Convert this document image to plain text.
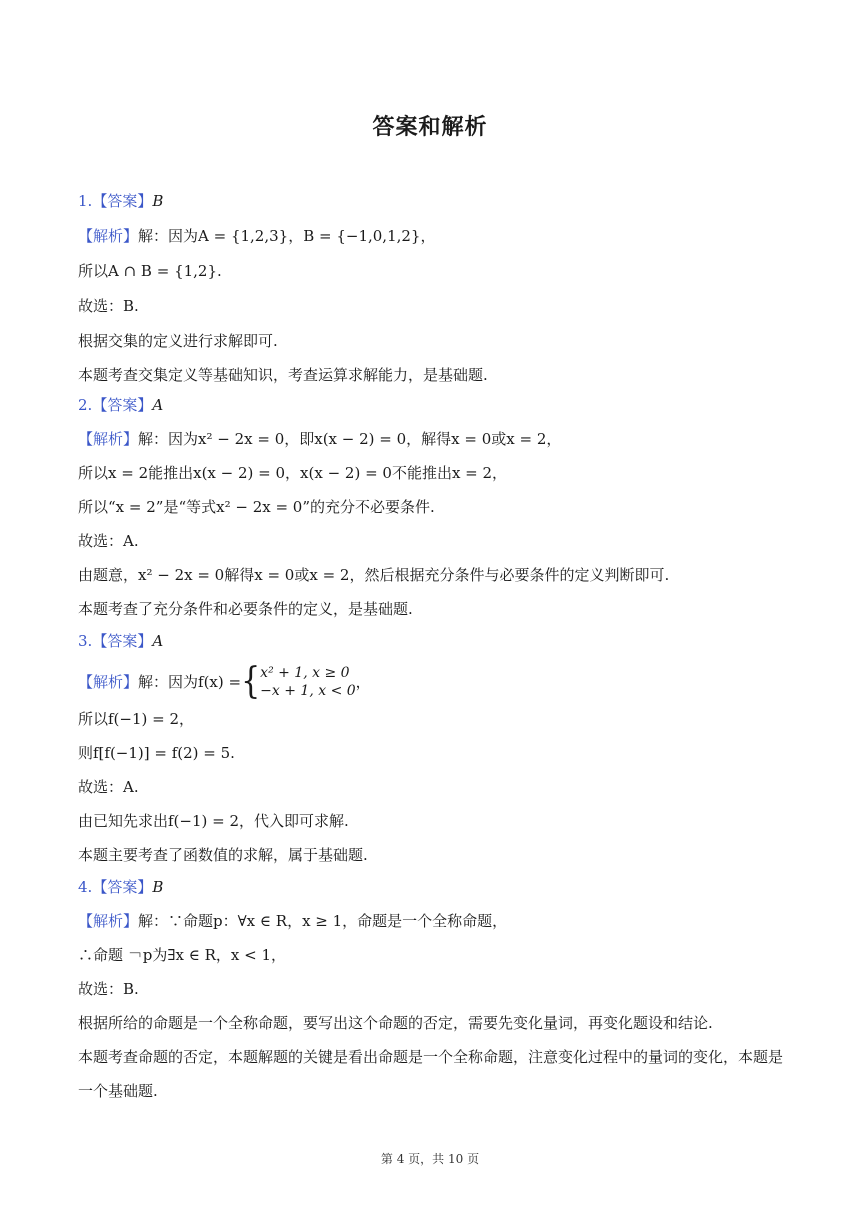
答案和解析
1.【答案】B
【解析】解：因为A = {1,2,3}，B = {−1,0,1,2}，
所以A ∩ B = {1,2}.
故选：B.
根据交集的定义进行求解即可.
本题考查交集定义等基础知识，考查运算求解能力，是基础题.
2.【答案】A
【解析】解：因为x² − 2x = 0，即x(x − 2) = 0，解得x = 0或x = 2，
所以x = 2能推出x(x − 2) = 0，x(x − 2) = 0不能推出x = 2，
所以“x = 2”是“等式x² − 2x = 0”的充分不必要条件.
故选：A.
由题意，x² − 2x = 0解得x = 0或x = 2，然后根据充分条件与必要条件的定义判断即可.
本题考查了充分条件和必要条件的定义，是基础题.
3.【答案】A
【解析】 解：因为f(x) = { x² + 1, x ≥ 0
−x + 1, x < 0 ，
所以f(−1) = 2，
则f[f(−1)] = f(2) = 5.
故选：A.
由已知先求出f(−1) = 2，代入即可求解.
本题主要考查了函数值的求解，属于基础题.
4.【答案】B
【解析】解：∵命题p：∀x ∈ R，x ≥ 1，命题是一个全称命题，
∴命题 ￢p为∃x ∈ R，x < 1，
故选：B.
根据所给的命题是一个全称命题，要写出这个命题的否定，需要先变化量词，再变化题设和结论.
本题考查命题的否定，本题解题的关键是看出命题是一个全称命题，注意变化过程中的量词的变化，本题是一个基础题.
第 4 页，共 10 页
